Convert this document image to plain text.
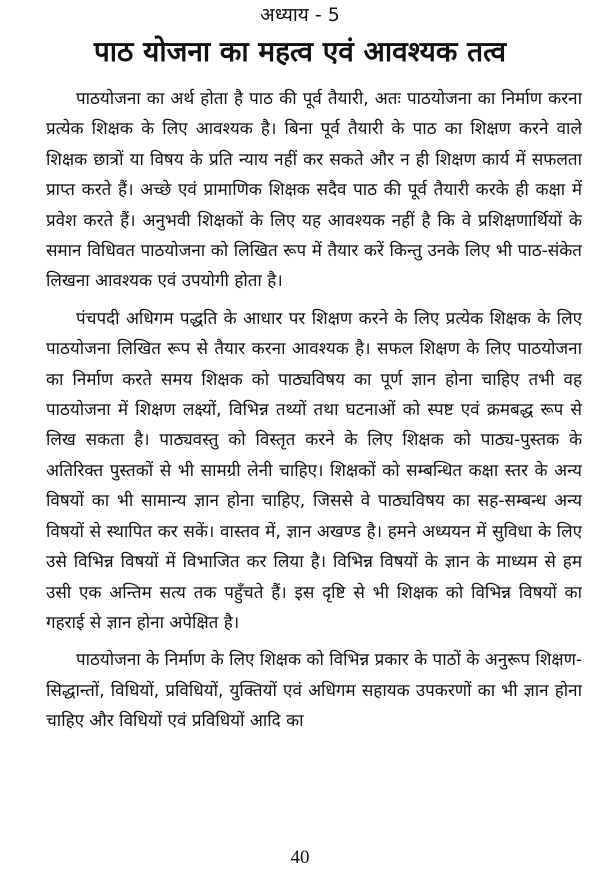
अध्याय - 5
पाठ योजना का महत्व एवं आवश्यक तत्व

पाठयोजना का अर्थ होता है पाठ की पूर्व तैयारी, अतः पाठयोजना का निर्माण करना प्रत्येक शिक्षक के लिए आवश्यक है। बिना पूर्व तैयारी के पाठ का शिक्षण करने वाले शिक्षक छात्रों या विषय के प्रति न्याय नहीं कर सकते और न ही शिक्षण कार्य में सफलता प्राप्त करते हैं। अच्छे एवं प्रामाणिक शिक्षक सदैव पाठ की पूर्व तैयारी करके ही कक्षा में प्रवेश करते हैं। अनुभवी शिक्षकों के लिए यह आवश्यक नहीं है कि वे प्रशिक्षणार्थियों के समान विधिवत पाठयोजना को लिखित रूप में तैयार करें किन्तु उनके लिए भी पाठ-संकेत लिखना आवश्यक एवं उपयोगी होता है।

पंचपदी अधिगम पद्धति के आधार पर शिक्षण करने के लिए प्रत्येक शिक्षक के लिए पाठयोजना लिखित रूप से तैयार करना आवश्यक है। सफल शिक्षण के लिए पाठयोजना का निर्माण करते समय शिक्षक को पाठ्यविषय का पूर्ण ज्ञान होना चाहिए तभी वह पाठयोजना में शिक्षण लक्ष्यों, विभिन्न तथ्यों तथा घटनाओं को स्पष्ट एवं क्रमबद्ध रूप से लिख सकता है। पाठ्यवस्तु को विस्तृत करने के लिए शिक्षक को पाठ्य-पुस्तक के अतिरिक्त पुस्तकों से भी सामग्री लेनी चाहिए। शिक्षकों को सम्बन्धित कक्षा स्तर के अन्य विषयों का भी सामान्य ज्ञान होना चाहिए, जिससे वे पाठ्यविषय का सह-सम्बन्ध अन्य विषयों से स्थापित कर सकें। वास्तव में, ज्ञान अखण्ड है। हमने अध्ययन में सुविधा के लिए उसे विभिन्न विषयों में विभाजित कर लिया है। विभिन्न विषयों के ज्ञान के माध्यम से हम उसी एक अन्तिम सत्य तक पहुँचते हैं। इस दृष्टि से भी शिक्षक को विभिन्न विषयों का गहराई से ज्ञान होना अपेक्षित है।

पाठयोजना के निर्माण के लिए शिक्षक को विभिन्न प्रकार के पाठों के अनुरूप शिक्षण-सिद्धान्तों, विधियों, प्रविधियों, युक्तियों एवं अधिगम सहायक उपकरणों का भी ज्ञान होना चाहिए और विधियों एवं प्रविधियों आदि का

40
